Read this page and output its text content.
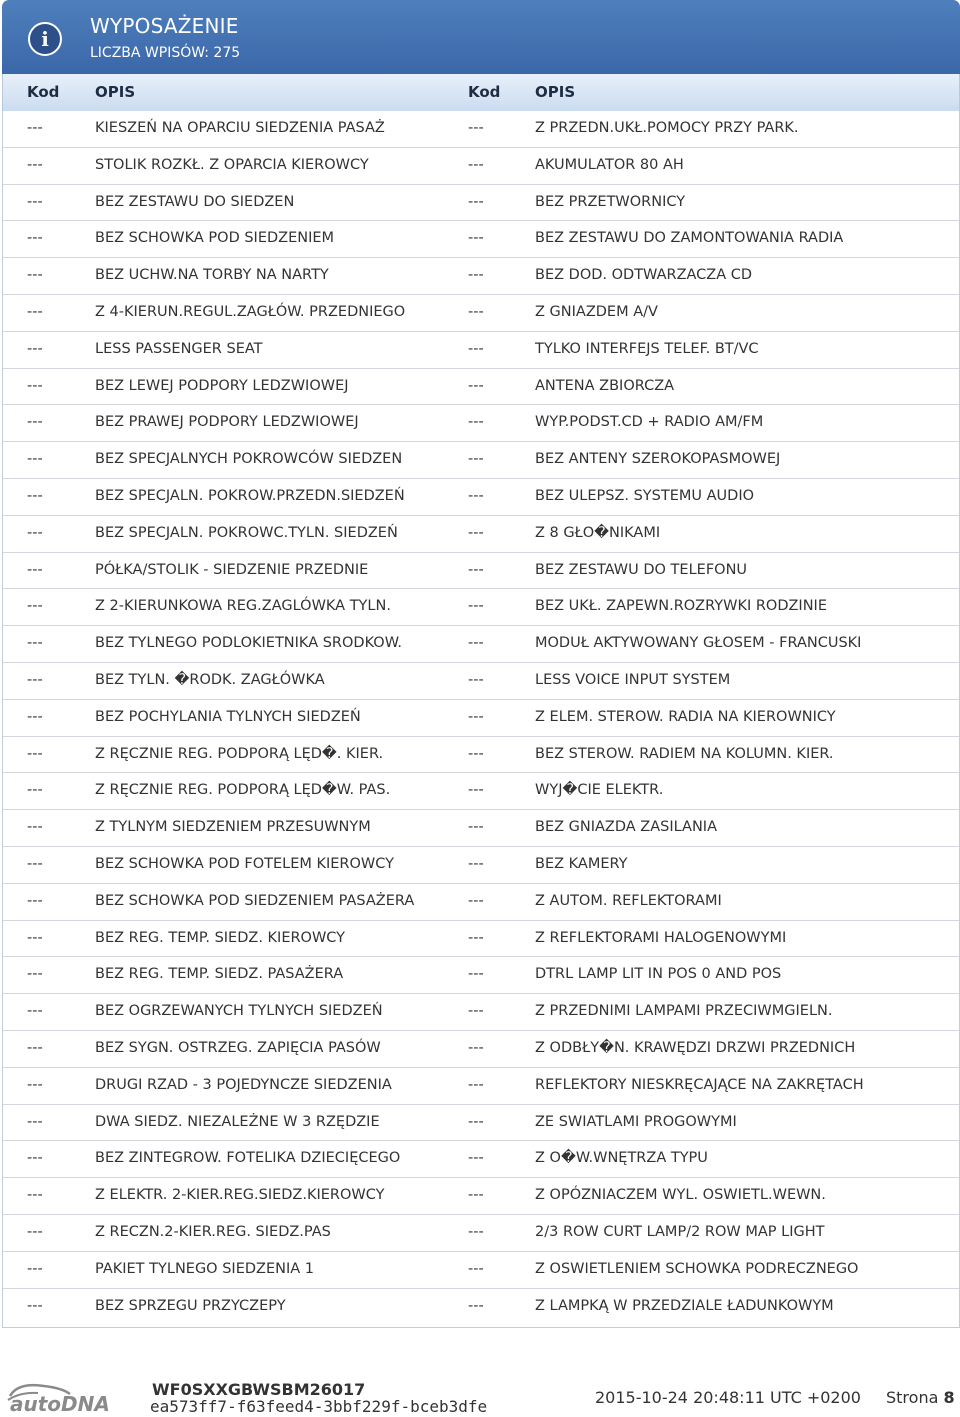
i
WYPOSAŻENIE
LICZBA WPISÓW: 275
Kod OPIS	Kod OPIS
---	KIESZEŃ NA OPARCIU SIEDZENIA PASAŻ	---	Z PRZEDN.UKŁ.POMOCY PRZY PARK.
---	STOLIK ROZKŁ. Z OPARCIA KIEROWCY	---	AKUMULATOR 80 AH
---	BEZ ZESTAWU DO SIEDZEN	---	BEZ PRZETWORNICY
---	BEZ SCHOWKA POD SIEDZENIEM	---	BEZ ZESTAWU DO ZAMONTOWANIA RADIA
---	BEZ UCHW.NA TORBY NA NARTY	---	BEZ DOD. ODTWARZACZA CD
---	Z 4-KIERUN.REGUL.ZAGŁÓW. PRZEDNIEGO	---	Z GNIAZDEM A/V
---	LESS PASSENGER SEAT	---	TYLKO INTERFEJS TELEF. BT/VC
---	BEZ LEWEJ PODPORY LEDZWIOWEJ	---	ANTENA ZBIORCZA
---	BEZ PRAWEJ PODPORY LEDZWIOWEJ	---	WYP.PODST.CD + RADIO AM/FM
---	BEZ SPECJALNYCH POKROWCÓW SIEDZEN	---	BEZ ANTENY SZEROKOPASMOWEJ
---	BEZ SPECJALN. POKROW.PRZEDN.SIEDZEŃ	---	BEZ ULEPSZ. SYSTEMU AUDIO
---	BEZ SPECJALN. POKROWC.TYLN. SIEDZEŃ	---	Z 8 GŁO�NIKAMI
---	PÓŁKA/STOLIK - SIEDZENIE PRZEDNIE	---	BEZ ZESTAWU DO TELEFONU
---	Z 2-KIERUNKOWA REG.ZAGLÓWKA TYLN.	---	BEZ UKŁ. ZAPEWN.ROZRYWKI RODZINIE
---	BEZ TYLNEGO PODLOKIETNIKA SRODKOW.	---	MODUŁ AKTYWOWANY GŁOSEM - FRANCUSKI
---	BEZ TYLN. �RODK. ZAGŁÓWKA	---	LESS VOICE INPUT SYSTEM
---	BEZ POCHYLANIA TYLNYCH SIEDZEŃ	---	Z ELEM. STEROW. RADIA NA KIEROWNICY
---	Z RĘCZNIE REG. PODPORĄ LĘD�. KIER.	---	BEZ STEROW. RADIEM NA KOLUMN. KIER.
---	Z RĘCZNIE REG. PODPORĄ LĘD�W. PAS.	---	WYJ�CIE ELEKTR.
---	Z TYLNYM SIEDZENIEM PRZESUWNYM	---	BEZ GNIAZDA ZASILANIA
---	BEZ SCHOWKA POD FOTELEM KIEROWCY	---	BEZ KAMERY
---	BEZ SCHOWKA POD SIEDZENIEM PASAŻERA	---	Z AUTOM. REFLEKTORAMI
---	BEZ REG. TEMP. SIEDZ. KIEROWCY	---	Z REFLEKTORAMI HALOGENOWYMI
---	BEZ REG. TEMP. SIEDZ. PASAŻERA	---	DTRL LAMP LIT IN POS 0 AND POS
---	BEZ OGRZEWANYCH TYLNYCH SIEDZEŃ	---	Z PRZEDNIMI LAMPAMI PRZECIWMGIELN.
---	BEZ SYGN. OSTRZEG. ZAPIĘCIA PASÓW	---	Z ODBŁY�N. KRAWĘDZI DRZWI PRZEDNICH
---	DRUGI RZAD - 3 POJEDYNCZE SIEDZENIA	---	REFLEKTORY NIESKRĘCAJĄCE NA ZAKRĘTACH
---	DWA SIEDZ. NIEZALEŻNE W 3 RZĘDZIE	---	ZE SWIATLAMI PROGOWYMI
---	BEZ ZINTEGROW. FOTELIKA DZIECIĘCEGO	---	Z O�W.WNĘTRZA TYPU
---	Z ELEKTR. 2-KIER.REG.SIEDZ.KIEROWCY	---	Z OPÓZNIACZEM WYL. OSWIETL.WEWN.
---	Z RECZN.2-KIER.REG. SIEDZ.PAS	---	2/3 ROW CURT LAMP/2 ROW MAP LIGHT
---	PAKIET TYLNEGO SIEDZENIA 1	---	Z OSWIETLENIEM SCHOWKA PODRECZNEGO
---	BEZ SPRZEGU PRZYCZEPY	---	Z LAMPKĄ W PRZEDZIALE ŁADUNKOWYM
autoDNA
WF0SXXGBWSBM26017
ea573ff7-f63feed4-3bbf229f-bceb3dfe	2015-10-24 20:48:11 UTC +0200 Strona 8
